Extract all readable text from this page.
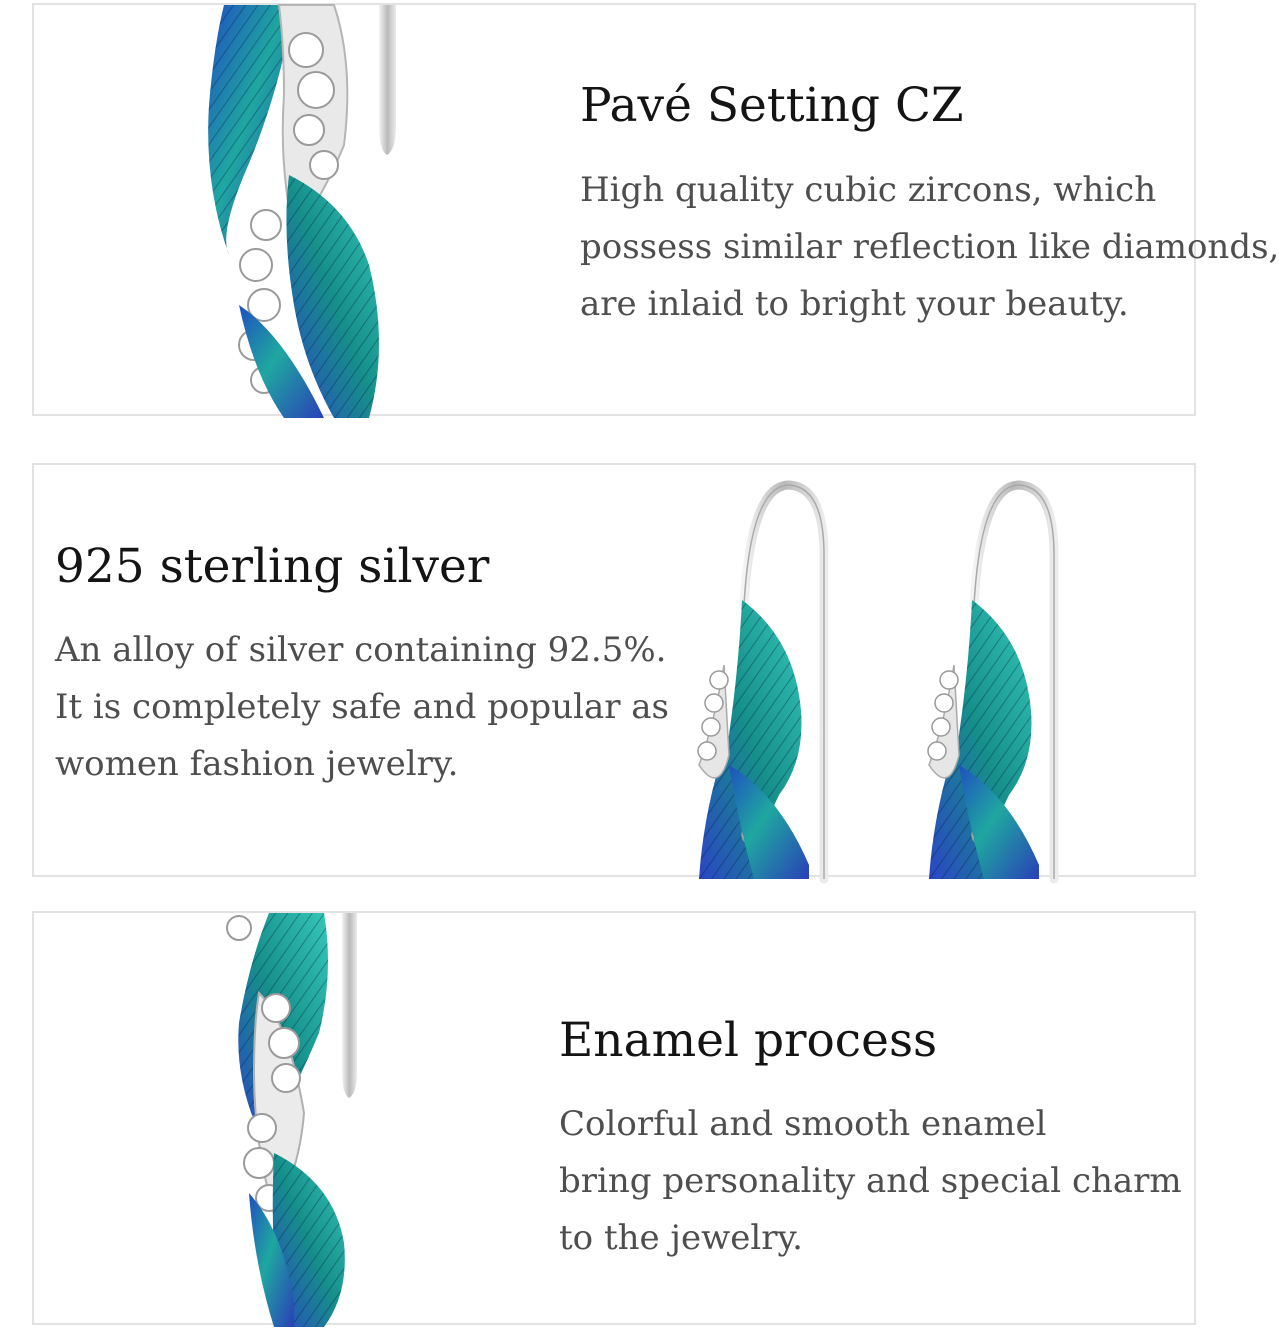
Pavé Setting CZ

High quality cubic zircons, which
possess similar reflection like diamonds,
are inlaid to bright your beauty.

925 sterling silver

An alloy of silver containing 92.5%.
It is completely safe and popular as
women fashion jewelry.

Enamel process

Colorful and smooth enamel
bring personality and special charm
to the jewelry.
